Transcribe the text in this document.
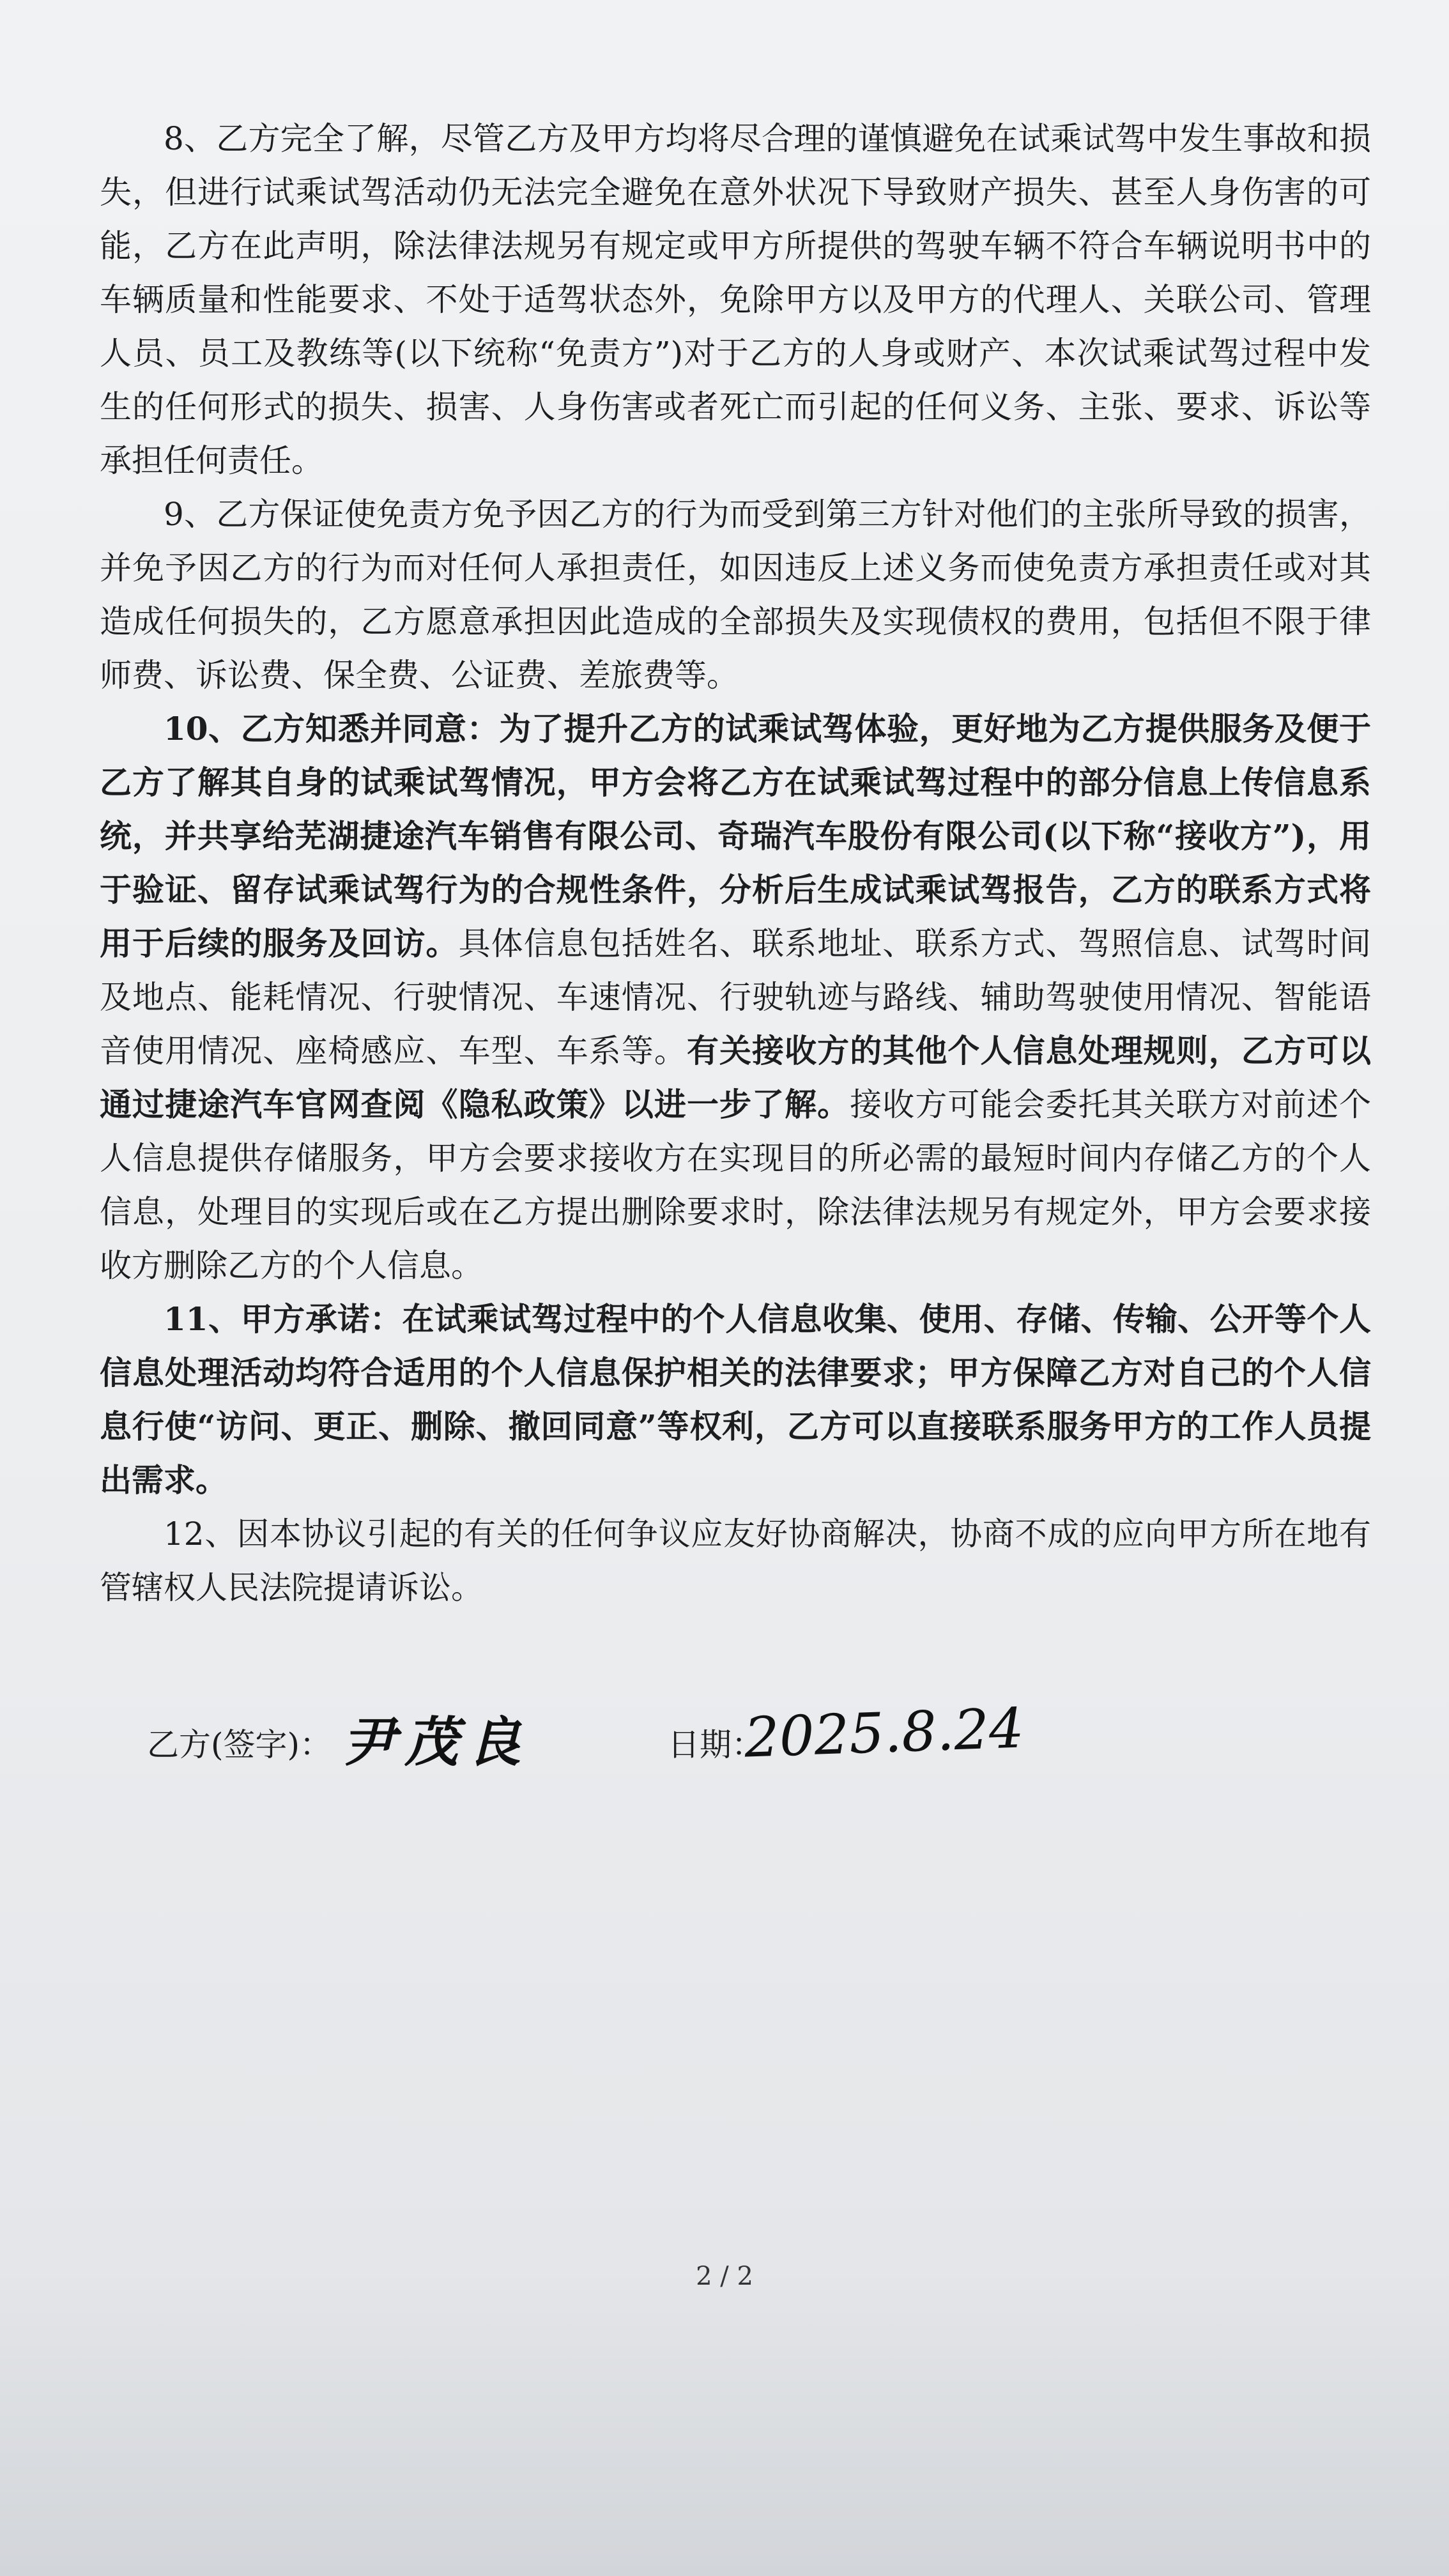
8、乙方完全了解，尽管乙方及甲方均将尽合理的谨慎避免在试乘试驾中发生事故和损失，但进行试乘试驾活动仍无法完全避免在意外状况下导致财产损失、甚至人身伤害的可能，乙方在此声明，除法律法规另有规定或甲方所提供的驾驶车辆不符合车辆说明书中的车辆质量和性能要求、不处于适驾状态外，免除甲方以及甲方的代理人、关联公司、管理人员、员工及教练等(以下统称“免责方”)对于乙方的人身或财产、本次试乘试驾过程中发生的任何形式的损失、损害、人身伤害或者死亡而引起的任何义务、主张、要求、诉讼等承担任何责任。

9、乙方保证使免责方免予因乙方的行为而受到第三方针对他们的主张所导致的损害，并免予因乙方的行为而对任何人承担责任，如因违反上述义务而使免责方承担责任或对其造成任何损失的，乙方愿意承担因此造成的全部损失及实现债权的费用，包括但不限于律师费、诉讼费、保全费、公证费、差旅费等。

10、乙方知悉并同意：为了提升乙方的试乘试驾体验，更好地为乙方提供服务及便于乙方了解其自身的试乘试驾情况，甲方会将乙方在试乘试驾过程中的部分信息上传信息系统，并共享给芜湖捷途汽车销售有限公司、奇瑞汽车股份有限公司(以下称“接收方”)，用于验证、留存试乘试驾行为的合规性条件，分析后生成试乘试驾报告，乙方的联系方式将用于后续的服务及回访。具体信息包括姓名、联系地址、联系方式、驾照信息、试驾时间及地点、能耗情况、行驶情况、车速情况、行驶轨迹与路线、辅助驾驶使用情况、智能语音使用情况、座椅感应、车型、车系等。有关接收方的其他个人信息处理规则，乙方可以通过捷途汽车官网查阅《隐私政策》以进一步了解。接收方可能会委托其关联方对前述个人信息提供存储服务，甲方会要求接收方在实现目的所必需的最短时间内存储乙方的个人信息，处理目的实现后或在乙方提出删除要求时，除法律法规另有规定外，甲方会要求接收方删除乙方的个人信息。

11、甲方承诺：在试乘试驾过程中的个人信息收集、使用、存储、传输、公开等个人信息处理活动均符合适用的个人信息保护相关的法律要求；甲方保障乙方对自己的个人信息行使“访问、更正、删除、撤回同意”等权利，乙方可以直接联系服务甲方的工作人员提出需求。

12、因本协议引起的有关的任何争议应友好协商解决，协商不成的应向甲方所在地有管辖权人民法院提请诉讼。

乙方(签字)： 尹茂良	日期：
2025.8.24
2 / 2
